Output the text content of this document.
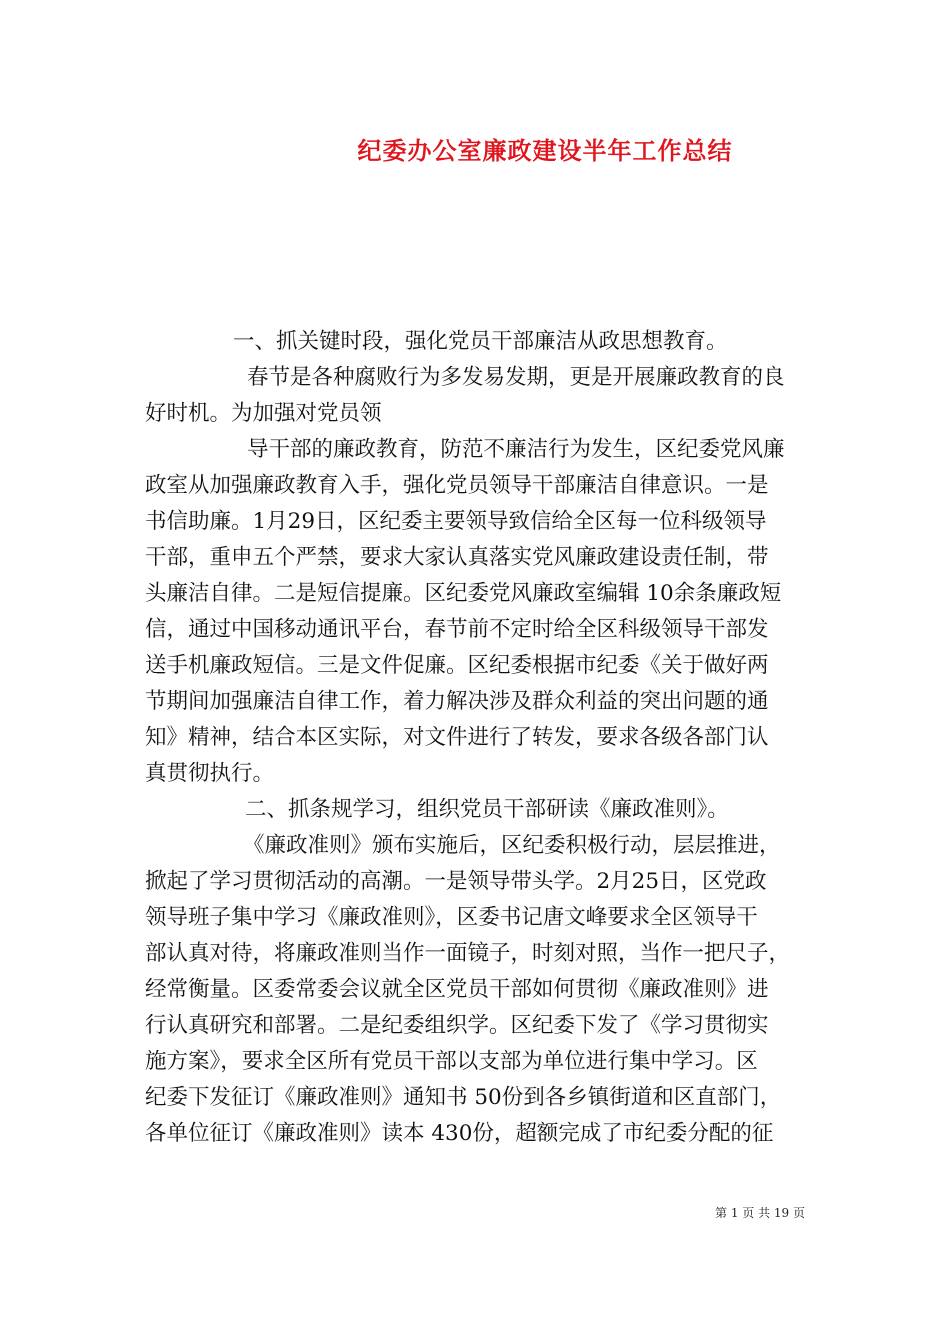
纪委办公室廉政建设半年工作总结
一、抓关键时段，强化党员干部廉洁从政思想教育。
春节是各种腐败行为多发易发期，更是开展廉政教育的良
好时机。为加强对党员领
导干部的廉政教育，防范不廉洁行为发生，区纪委党风廉
政室从加强廉政教育入手，强化党员领导干部廉洁自律意识。一是
书信助廉。1月29日，区纪委主要领导致信给全区每一位科级领导
干部，重申五个严禁，要求大家认真落实党风廉政建设责任制，带
头廉洁自律。二是短信提廉。区纪委党风廉政室编辑 10余条廉政短
信，通过中国移动通讯平台，春节前不定时给全区科级领导干部发
送手机廉政短信。三是文件促廉。区纪委根据市纪委《关于做好两
节期间加强廉洁自律工作，着力解决涉及群众利益的突出问题的通
知》精神，结合本区实际，对文件进行了转发，要求各级各部门认
真贯彻执行。
二、抓条规学习，组织党员干部研读《廉政准则》。
《廉政准则》颁布实施后，区纪委积极行动，层层推进，
掀起了学习贯彻活动的高潮。一是领导带头学。2月25日，区党政
领导班子集中学习《廉政准则》，区委书记唐文峰要求全区领导干
部认真对待，将廉政准则当作一面镜子，时刻对照，当作一把尺子，
经常衡量。区委常委会议就全区党员干部如何贯彻《廉政准则》进
行认真研究和部署。二是纪委组织学。区纪委下发了《学习贯彻实
施方案》，要求全区所有党员干部以支部为单位进行集中学习。区
纪委下发征订《廉政准则》通知书 50份到各乡镇街道和区直部门，
各单位征订《廉政准则》读本 430份，超额完成了市纪委分配的征
第 1 页 共 19 页
